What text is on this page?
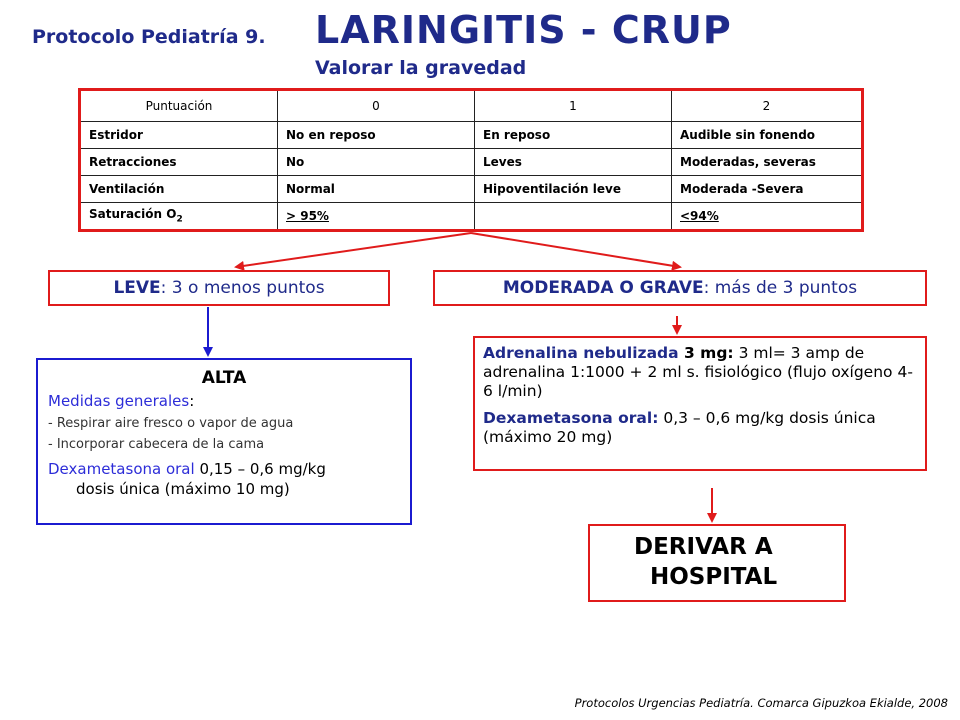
Protocolo Pediatría 9. LARINGITIS - CRUP
Valorar la gravedad
Puntuación	0	1	2
Estridor	No en reposo	En reposo	Audible sin fonendo
Retracciones	No	Leves	Moderadas, severas
Ventilación	Normal	Hipoventilación leve	Moderada -Severa
Saturación $O_2$	> 95%		<94%
LEVE : 3 o menos puntos	MODERADA O GRAVE : más de 3 puntos
ALTA
Medidas generales:
- Respirar aire fresco o vapor de agua
- Incorporar cabecera de la cama
Dexametasona oral 0,15 – 0,6 mg/kg
dosis única (máximo 10 mg)

Adrenalina nebulizada 3 mg: 3 ml= 3 amp de adrenalina 1:1000 + 2 ml s. fisiológico (flujo oxígeno 4-6 l/min)

Dexametasona oral: 0,3 – 0,6 mg/kg dosis única (máximo 20 mg)

DERIVAR A
HOSPITAL
Protocolos Urgencias Pediatría. Comarca Gipuzkoa Ekialde, 2008
